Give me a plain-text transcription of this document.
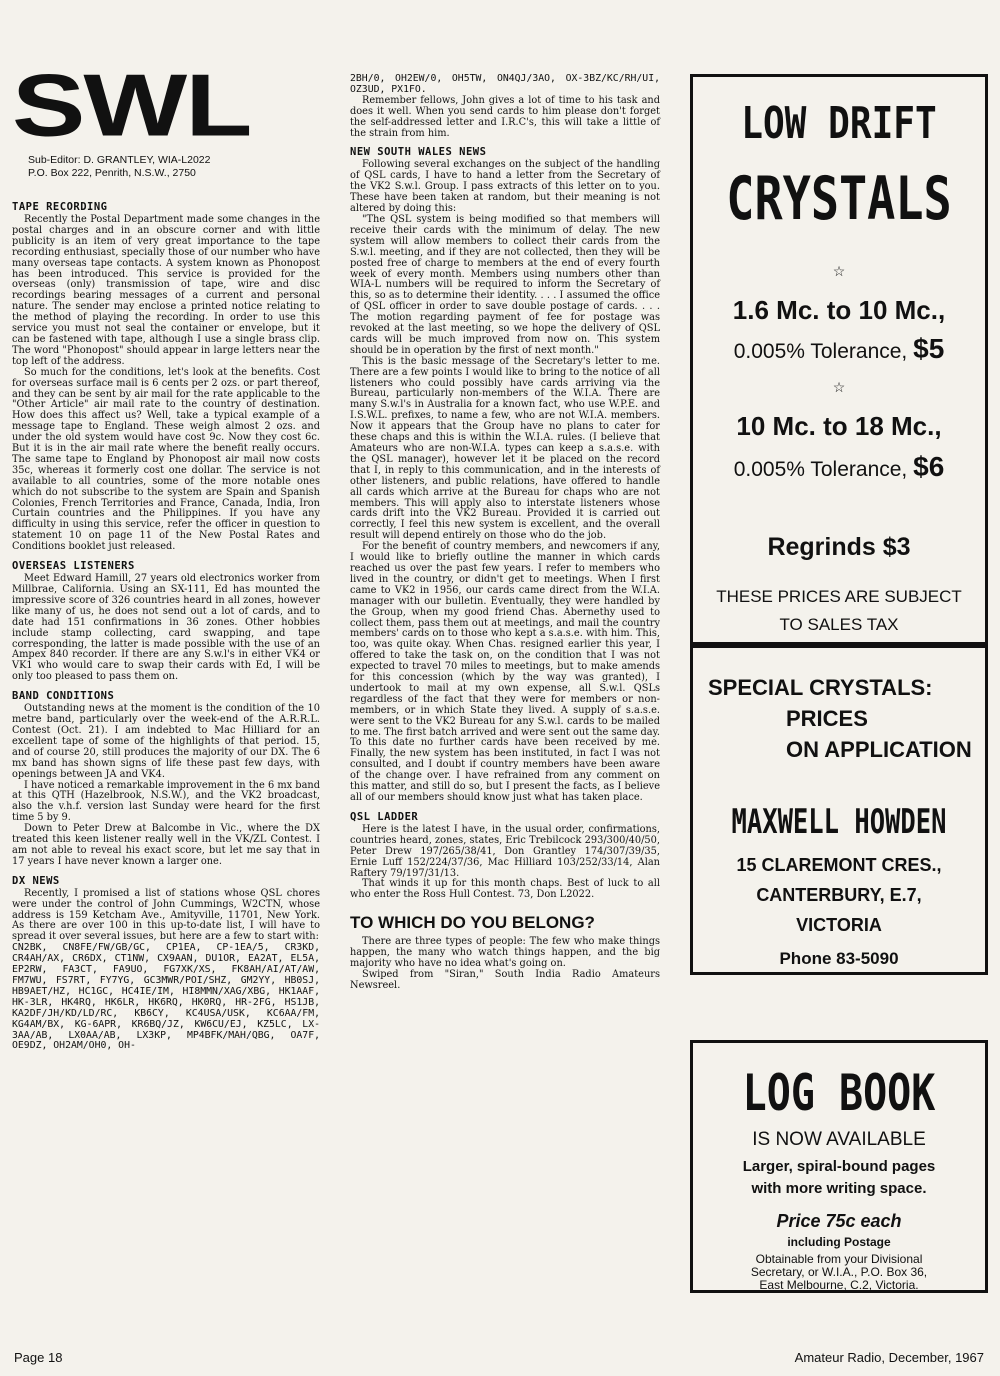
SWL
Sub-Editor: D. GRANTLEY, WIA-L2022
P.O. Box 222, Penrith, N.S.W., 2750
TAPE RECORDING

Recently the Postal Department made some changes in the postal charges and in an obscure corner and with little publicity is an item of very great importance to the tape recording enthusiast, specially those of our number who have many overseas tape contacts. A system known as Phonopost has been introduced. This service is provided for the overseas (only) transmission of tape, wire and disc recordings bearing messages of a current and personal nature. The sender may enclose a printed notice relating to the method of playing the recording. In order to use this service you must not seal the container or envelope, but it can be fastened with tape, although I use a single brass clip. The word "Phonopost" should appear in large letters near the top left of the address.

So much for the conditions, let's look at the benefits. Cost for overseas surface mail is 6 cents per 2 ozs. or part thereof, and they can be sent by air mail for the rate applicable to the "Other Article" air mail rate to the country of destination. How does this affect us? Well, take a typical example of a message tape to England. These weigh almost 2 ozs. and under the old system would have cost 9c. Now they cost 6c. But it is in the air mail rate where the benefit really occurs. The same tape to England by Phonopost air mail now costs 35c, whereas it formerly cost one dollar. The service is not available to all countries, some of the more notable ones which do not subscribe to the system are Spain and Spanish Colonies, French Territories and France, Canada, India, Iron Curtain countries and the Philippines. If you have any difficulty in using this service, refer the officer in question to statement 10 on page 11 of the New Postal Rates and Conditions booklet just released.

OVERSEAS LISTENERS

Meet Edward Hamill, 27 years old electronics worker from Millbrae, California. Using an SX-111, Ed has mounted the impressive score of 326 countries heard in all zones, however like many of us, he does not send out a lot of cards, and to date had 151 confirmations in 36 zones. Other hobbies include stamp collecting, card swapping, and tape corresponding, the latter is made possible with the use of an Ampex 840 recorder. If there are any S.w.l's in either VK4 or VK1 who would care to swap their cards with Ed, I will be only too pleased to pass them on.

BAND CONDITIONS

Outstanding news at the moment is the condition of the 10 metre band, particularly over the week-end of the A.R.R.L. Contest (Oct. 21). I am indebted to Mac Hilliard for an excellent tape of some of the highlights of that period. 15, and of course 20, still produces the majority of our DX. The 6 mx band has shown signs of life these past few days, with openings between JA and VK4.

I have noticed a remarkable improvement in the 6 mx band at this QTH (Hazelbrook, N.S.W.), and the VK2 broadcast, also the v.h.f. version last Sunday were heard for the first time 5 by 9.

Down to Peter Drew at Balcombe in Vic., where the DX treated this keen listener really well in the VK/ZL Contest. I am not able to reveal his exact score, but let me say that in 17 years I have never known a larger one.

DX NEWS

Recently, I promised a list of stations whose QSL chores were under the control of John Cummings, W2CTN, whose address is 159 Ketcham Ave., Amityville, 11701, New York. As there are over 100 in this up-to-date list, I will have to spread it over several issues, but here are a few to start with:

CN2BK, CN8FE/FW/GB/GC, CP1EA, CP-1EA/5, CR3KD, CR4AH/AX, CR6DX, CT1NW, CX9AAN, DU1OR, EA2AT, EL5A, EP2RW, FA3CT, FA9UO, FG7XK/XS, FK8AH/AI/AT/AW, FM7WU, FS7RT, FY7YG, GC3MWR/POI/SHZ, GM2YY, HB0SJ, HB9AET/HZ, HC1GC, HC4IE/IM, HI8MMN/XAG/XBG, HK1AAF, HK-3LR, HK4RQ, HK6LR, HK6RQ, HK0RQ, HR-2FG, HS1JB, KA2DF/JH/KD/LD/RC, KB6CY, KC4USA/USK, KC6AA/FM, KG4AM/BX, KG-6APR, KR6BQ/JZ, KW6CU/EJ, KZ5LC, LX-3AA/AB, LX0AA/AB, LX3KP, MP4BFK/MAH/QBG, OA7F, OE9DZ, OH2AM/OH0, OH-

2BH/0, OH2EW/0, OH5TW, ON4QJ/3AO, OX-3BZ/KC/RH/UI, OZ3UD, PX1FO.

Remember fellows, John gives a lot of time to his task and does it well. When you send cards to him please don't forget the self-addressed letter and I.R.C's, this will take a little of the strain from him.

NEW SOUTH WALES NEWS

Following several exchanges on the subject of the handling of QSL cards, I have to hand a letter from the Secretary of the VK2 S.w.l. Group. I pass extracts of this letter on to you. These have been taken at random, but their meaning is not altered by doing this:

"The QSL system is being modified so that members will receive their cards with the minimum of delay. The new system will allow members to collect their cards from the S.w.l. meeting, and if they are not collected, then they will be posted free of charge to members at the end of every fourth week of every month. Members using numbers other than WIA-L numbers will be required to inform the Secretary of this, so as to determine their identity. . . . I assumed the office of QSL officer in order to save double postage of cards. . . . The motion regarding payment of fee for postage was revoked at the last meeting, so we hope the delivery of QSL cards will be much improved from now on. This system should be in operation by the first of next month."

This is the basic message of the Secretary's letter to me. There are a few points I would like to bring to the notice of all listeners who could possibly have cards arriving via the Bureau, particularly non-members of the W.I.A. There are many S.w.l's in Australia for a known fact, who use W.P.E. and I.S.W.L. prefixes, to name a few, who are not W.I.A. members. Now it appears that the Group have no plans to cater for these chaps and this is within the W.I.A. rules. (I believe that Amateurs who are non-W.I.A. types can keep a s.a.s.e. with the QSL manager), however let it be placed on the record that I, in reply to this communication, and in the interests of other listeners, and public relations, have offered to handle all cards which arrive at the Bureau for chaps who are not members. This will apply also to interstate listeners whose cards drift into the VK2 Bureau. Provided it is carried out correctly, I feel this new system is excellent, and the overall result will depend entirely on those who do the job.

For the benefit of country members, and newcomers if any, I would like to briefly outline the manner in which cards reached us over the past few years. I refer to members who lived in the country, or didn't get to meetings. When I first came to VK2 in 1956, our cards came direct from the W.I.A. manager with our bulletin. Eventually, they were handled by the Group, when my good friend Chas. Abernethy used to collect them, pass them out at meetings, and mail the country members' cards on to those who kept a s.a.s.e. with him. This, too, was quite okay. When Chas. resigned earlier this year, I offered to take the task on, on the condition that I was not expected to travel 70 miles to meetings, but to make amends for this concession (which by the way was granted), I undertook to mail at my own expense, all S.w.l. QSLs regardless of the fact that they were for members or non-members, or in which State they lived. A supply of s.a.s.e. were sent to the VK2 Bureau for any S.w.l. cards to be mailed to me. The first batch arrived and were sent out the same day. To this date no further cards have been received by me. Finally, the new system has been instituted, in fact I was not consulted, and I doubt if country members have been aware of the change over. I have refrained from any comment on this matter, and still do so, but I present the facts, as I believe all of our members should know just what has taken place.

QSL LADDER

Here is the latest I have, in the usual order, confirmations, countries heard, zones, states, Eric Trebilcock 293/300/40/50, Peter Drew 197/265/38/41, Don Grantley 174/307/39/35, Ernie Luff 152/224/37/36, Mac Hilliard 103/252/33/14, Alan Raftery 79/197/31/13.

That winds it up for this month chaps. Best of luck to all who enter the Ross Hull Contest. 73, Don L2022.

TO WHICH DO YOU BELONG?

There are three types of people: The few who make things happen, the many who watch things happen, and the big majority who have no idea what's going on.

Swiped from "Siran," South India Radio Amateurs Newsreel.

LOW DRIFT
CRYSTALS
☆
1.6 Mc. to 10 Mc.,
0.005% Tolerance, $5
☆
10 Mc. to 18 Mc.,
0.005% Tolerance, $6
Regrinds $3
THESE PRICES ARE SUBJECT
TO SALES TAX
SPECIAL CRYSTALS:
PRICES
ON APPLICATION
MAXWELL HOWDEN
15 CLAREMONT CRES.,
CANTERBURY, E.7,
VICTORIA
Phone 83-5090
LOG BOOK
IS NOW AVAILABLE
Larger, spiral-bound pages
with more writing space.
Price 75c each
including Postage
Obtainable from your Divisional
Secretary, or W.I.A., P.O. Box 36,
East Melbourne, C.2, Victoria.
Page 18	Amateur Radio, December, 1967
